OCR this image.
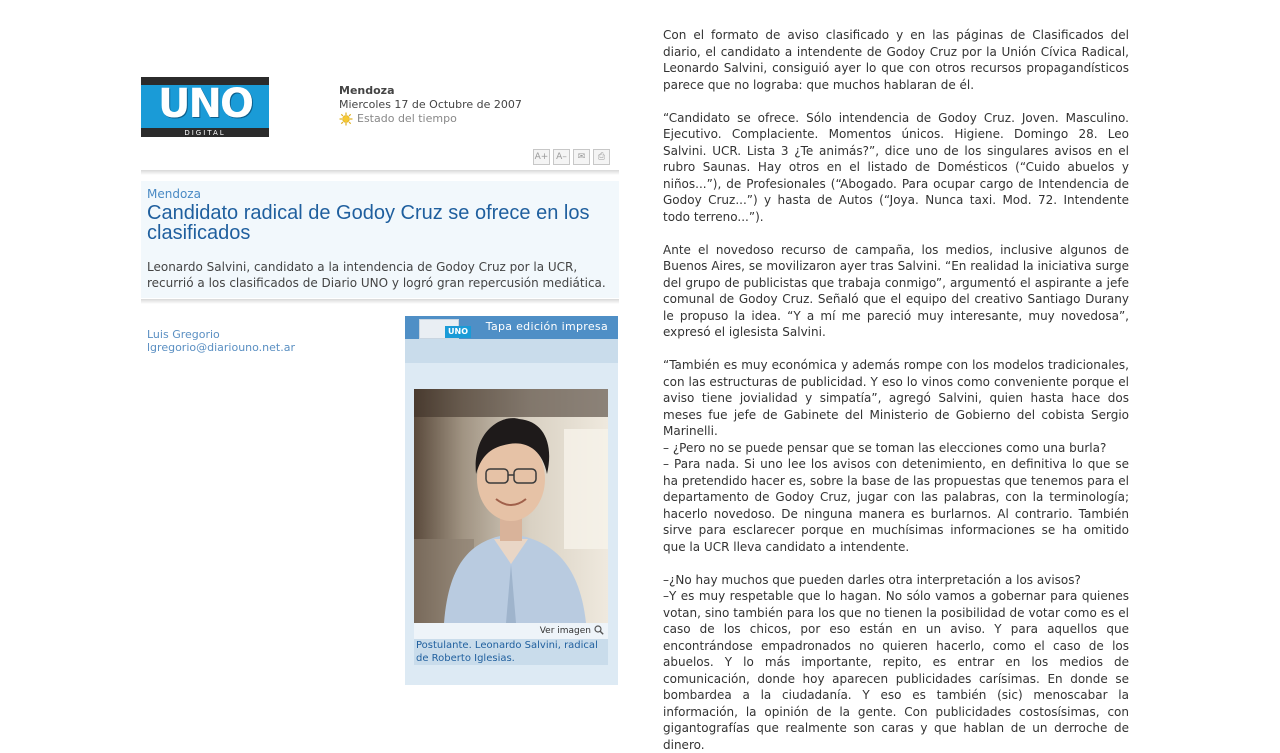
UNO
DIGITAL
Mendoza
Miercoles 17 de Octubre de 2007
Estado del tiempo
A+ A–	✉	⎙
Mendoza
Candidato radical de Godoy Cruz se ofrece en los clasificados
Leonardo Salvini, candidato a la intendencia de Godoy Cruz por la UCR, recurrió a los clasificados de Diario UNO y logró gran repercusión mediática.
Luis Gregorio
lgregorio@diariouno.net.ar
UNO Tapa edición impresa
Ver imagen
Postulante. Leonardo Salvini, radical de Roberto Iglesias.

Con el formato de aviso clasificado y en las páginas de Clasificados del diario, el candidato a intendente de Godoy Cruz por la Unión Cívica Radical, Leonardo Salvini, consiguió ayer lo que con otros recursos propagandísticos parece que no lograba: que muchos hablaran de él.

“Candidato se ofrece. Sólo intendencia de Godoy Cruz. Joven. Masculino. Ejecutivo. Complaciente. Momentos únicos. Higiene. Domingo 28. Leo Salvini. UCR. Lista 3 ¿Te animás?”, dice uno de los singulares avisos en el rubro Saunas. Hay otros en el listado de Domésticos (“Cuido abuelos y niños...”), de Profesionales (“Abogado. Para ocupar cargo de Intendencia de Godoy Cruz...”) y hasta de Autos (“Joya. Nunca taxi. Mod. 72. Intendente todo terreno...”).

Ante el novedoso recurso de campaña, los medios, inclusive algunos de Buenos Aires, se movilizaron ayer tras Salvini. “En realidad la iniciativa surge del grupo de publicistas que trabaja conmigo”, argumentó el aspirante a jefe comunal de Godoy Cruz. Señaló que el equipo del creativo Santiago Durany le propuso la idea. “Y a mí me pareció muy interesante, muy novedosa”, expresó el iglesista Salvini.

“También es muy económica y además rompe con los modelos tradicionales, con las estructuras de publicidad. Y eso lo vinos como conveniente porque el aviso tiene jovialidad y simpatía”, agregó Salvini, quien hasta hace dos meses fue jefe de Gabinete del Ministerio de Gobierno del cobista Sergio Marinelli.

– ¿Pero no se puede pensar que se toman las elecciones como una burla?

– Para nada. Si uno lee los avisos con detenimiento, en definitiva lo que se ha pretendido hacer es, sobre la base de las propuestas que tenemos para el departamento de Godoy Cruz, jugar con las palabras, con la terminología; hacerlo novedoso. De ninguna manera es burlarnos. Al contrario. También sirve para esclarecer porque en muchísimas informaciones se ha omitido que la UCR lleva candidato a intendente.

–¿No hay muchos que pueden darles otra interpretación a los avisos?

–Y es muy respetable que lo hagan. No sólo vamos a gobernar para quienes votan, sino también para los que no tienen la posibilidad de votar como es el caso de los chicos, por eso están en un aviso. Y para aquellos que encontrándose empadronados no quieren hacerlo, como el caso de los abuelos. Y lo más importante, repito, es entrar en los medios de comunicación, donde hoy aparecen publicidades carísimas. En donde se bombardea a la ciudadanía. Y eso es también (sic) menoscabar la información, la opinión de la gente. Con publicidades costosísimas, con gigantografías que realmente son caras y que hablan de un derroche de dinero.
